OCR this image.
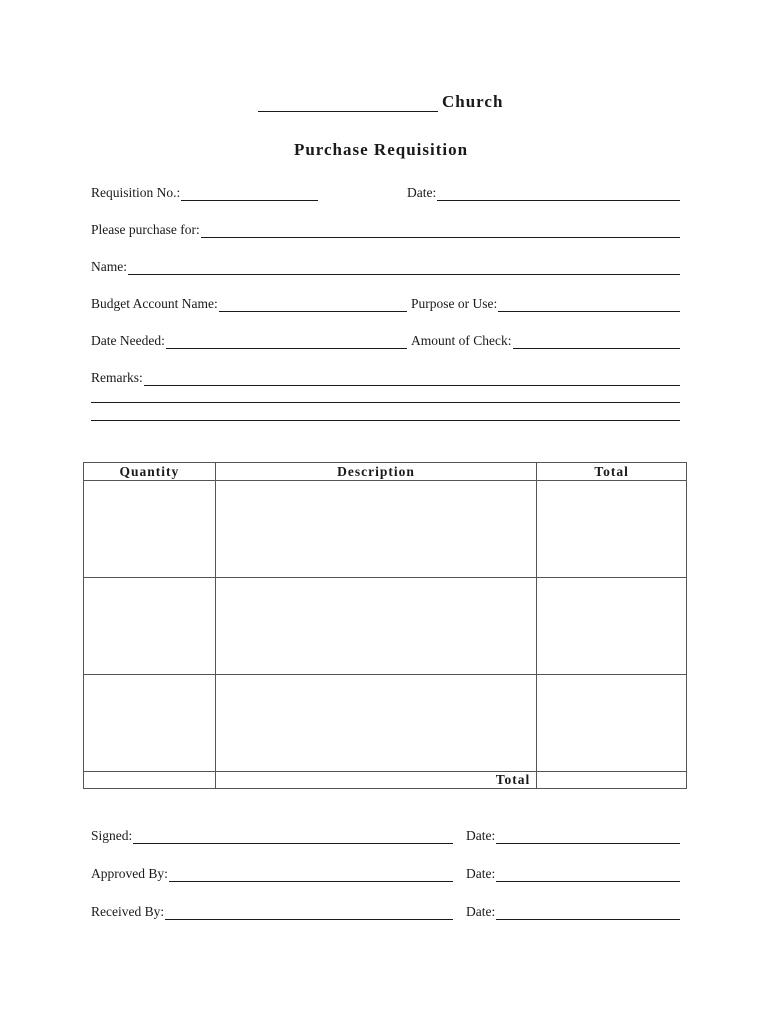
Church
Purchase Requisition
Requisition No.:	Date:
Please purchase for:
Name:
Budget Account Name:	Purpose or Use:
Date Needed:	Amount of Check:
Remarks:
Quantity	Description	Total

	Total	
Signed:	Date:
Approved By:	Date:
Received By:	Date:
